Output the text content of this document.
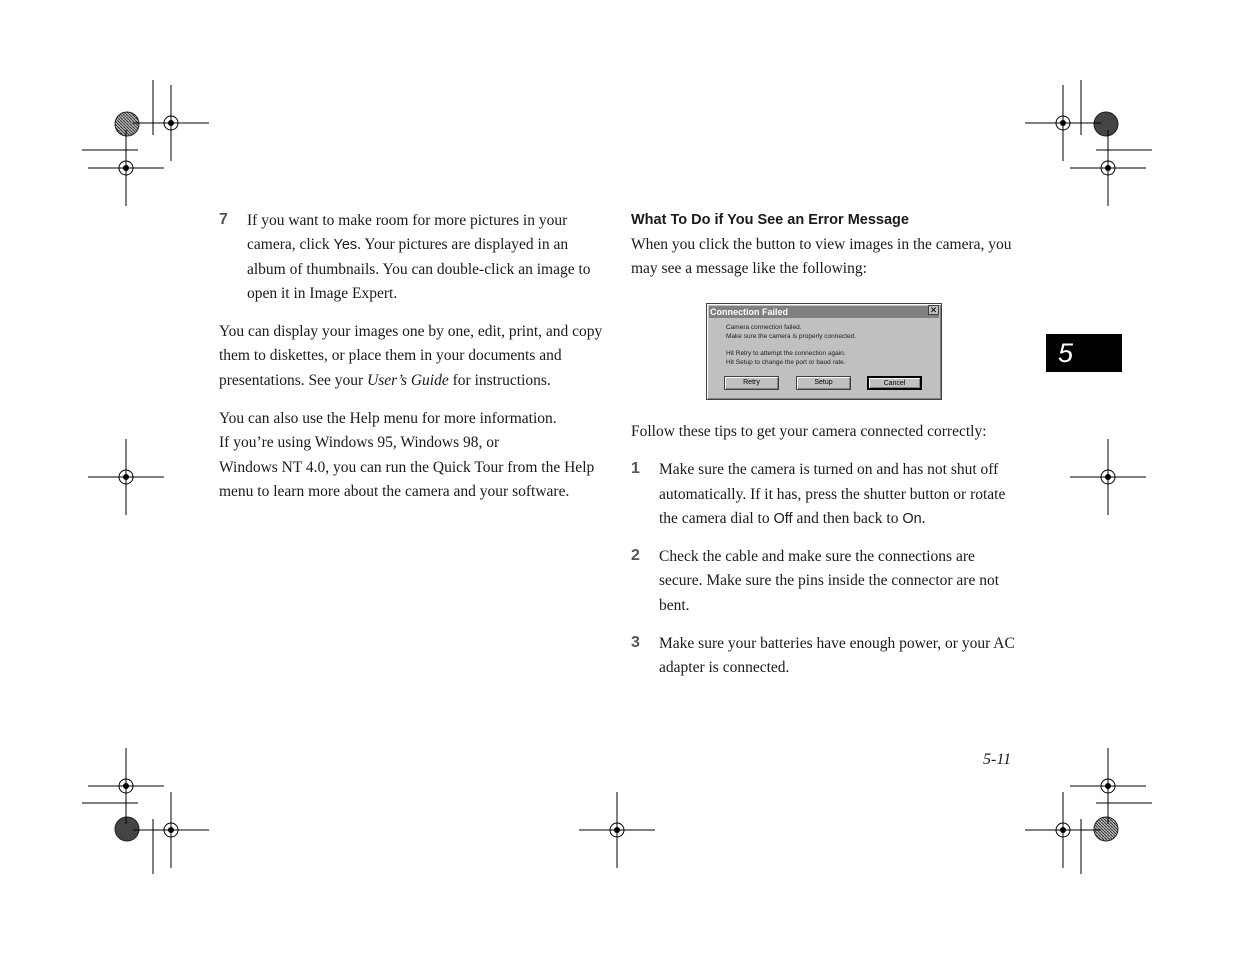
7 If you want to make room for more pictures in your camera, click Yes. Your pictures are displayed in an album of thumbnails. You can double-click an image to open it in Image Expert.

You can display your images one by one, edit, print, and copy them to diskettes, or place them in your documents and presentations. See your User’s Guide for instructions.

You can also use the Help menu for more information.
If you’re using Windows 95, Windows 98, or
Windows NT 4.0, you can run the Quick Tour from the Help menu to learn more about the camera and your software.

What To Do if You See an Error Message

When you click the button to view images in the camera, you may see a message like the following:

Connection Failed	✕
Camera connection failed.
Make sure the camera is properly connected.
Hit Retry to attempt the connection again.
Hit Setup to change the port or baud rate.
Retry	Setup	Cancel

Follow these tips to get your camera connected correctly:

1 Make sure the camera is turned on and has not shut off automatically. If it has, press the shutter button or rotate the camera dial to Off and then back to On.
2 Check the cable and make sure the connections are secure. Make sure the pins inside the connector are not bent.
3 Make sure your batteries have enough power, or your AC adapter is connected.
5
5-11
